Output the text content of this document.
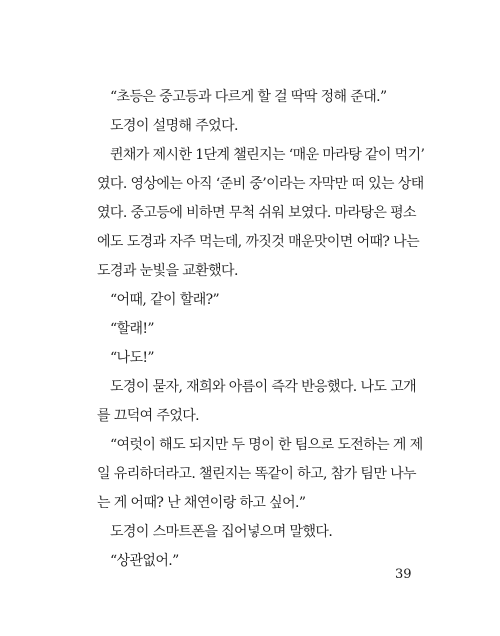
“초등은 중고등과 다르게 할 걸 딱딱 정해 준대.”

도경이 설명해 주었다.

퀸채가 제시한 1단계 챌린지는 ‘매운 마라탕 같이 먹기’
였다. 영상에는 아직 ‘준비 중’이라는 자막만 떠 있는 상태
였다. 중고등에 비하면 무척 쉬워 보였다. 마라탕은 평소
에도 도경과 자주 먹는데, 까짓것 매운맛이면 어때? 나는
도경과 눈빛을 교환했다.

“어때, 같이 할래?”

“할래!”

“나도!”

도경이 묻자, 재희와 아름이 즉각 반응했다. 나도 고개
를 끄덕여 주었다.

“여럿이 해도 되지만 두 명이 한 팀으로 도전하는 게 제
일 유리하더라고. 챌린지는 똑같이 하고, 참가 팀만 나누
는 게 어때? 난 채연이랑 하고 싶어.”

도경이 스마트폰을 집어넣으며 말했다.

“상관없어.”

39
